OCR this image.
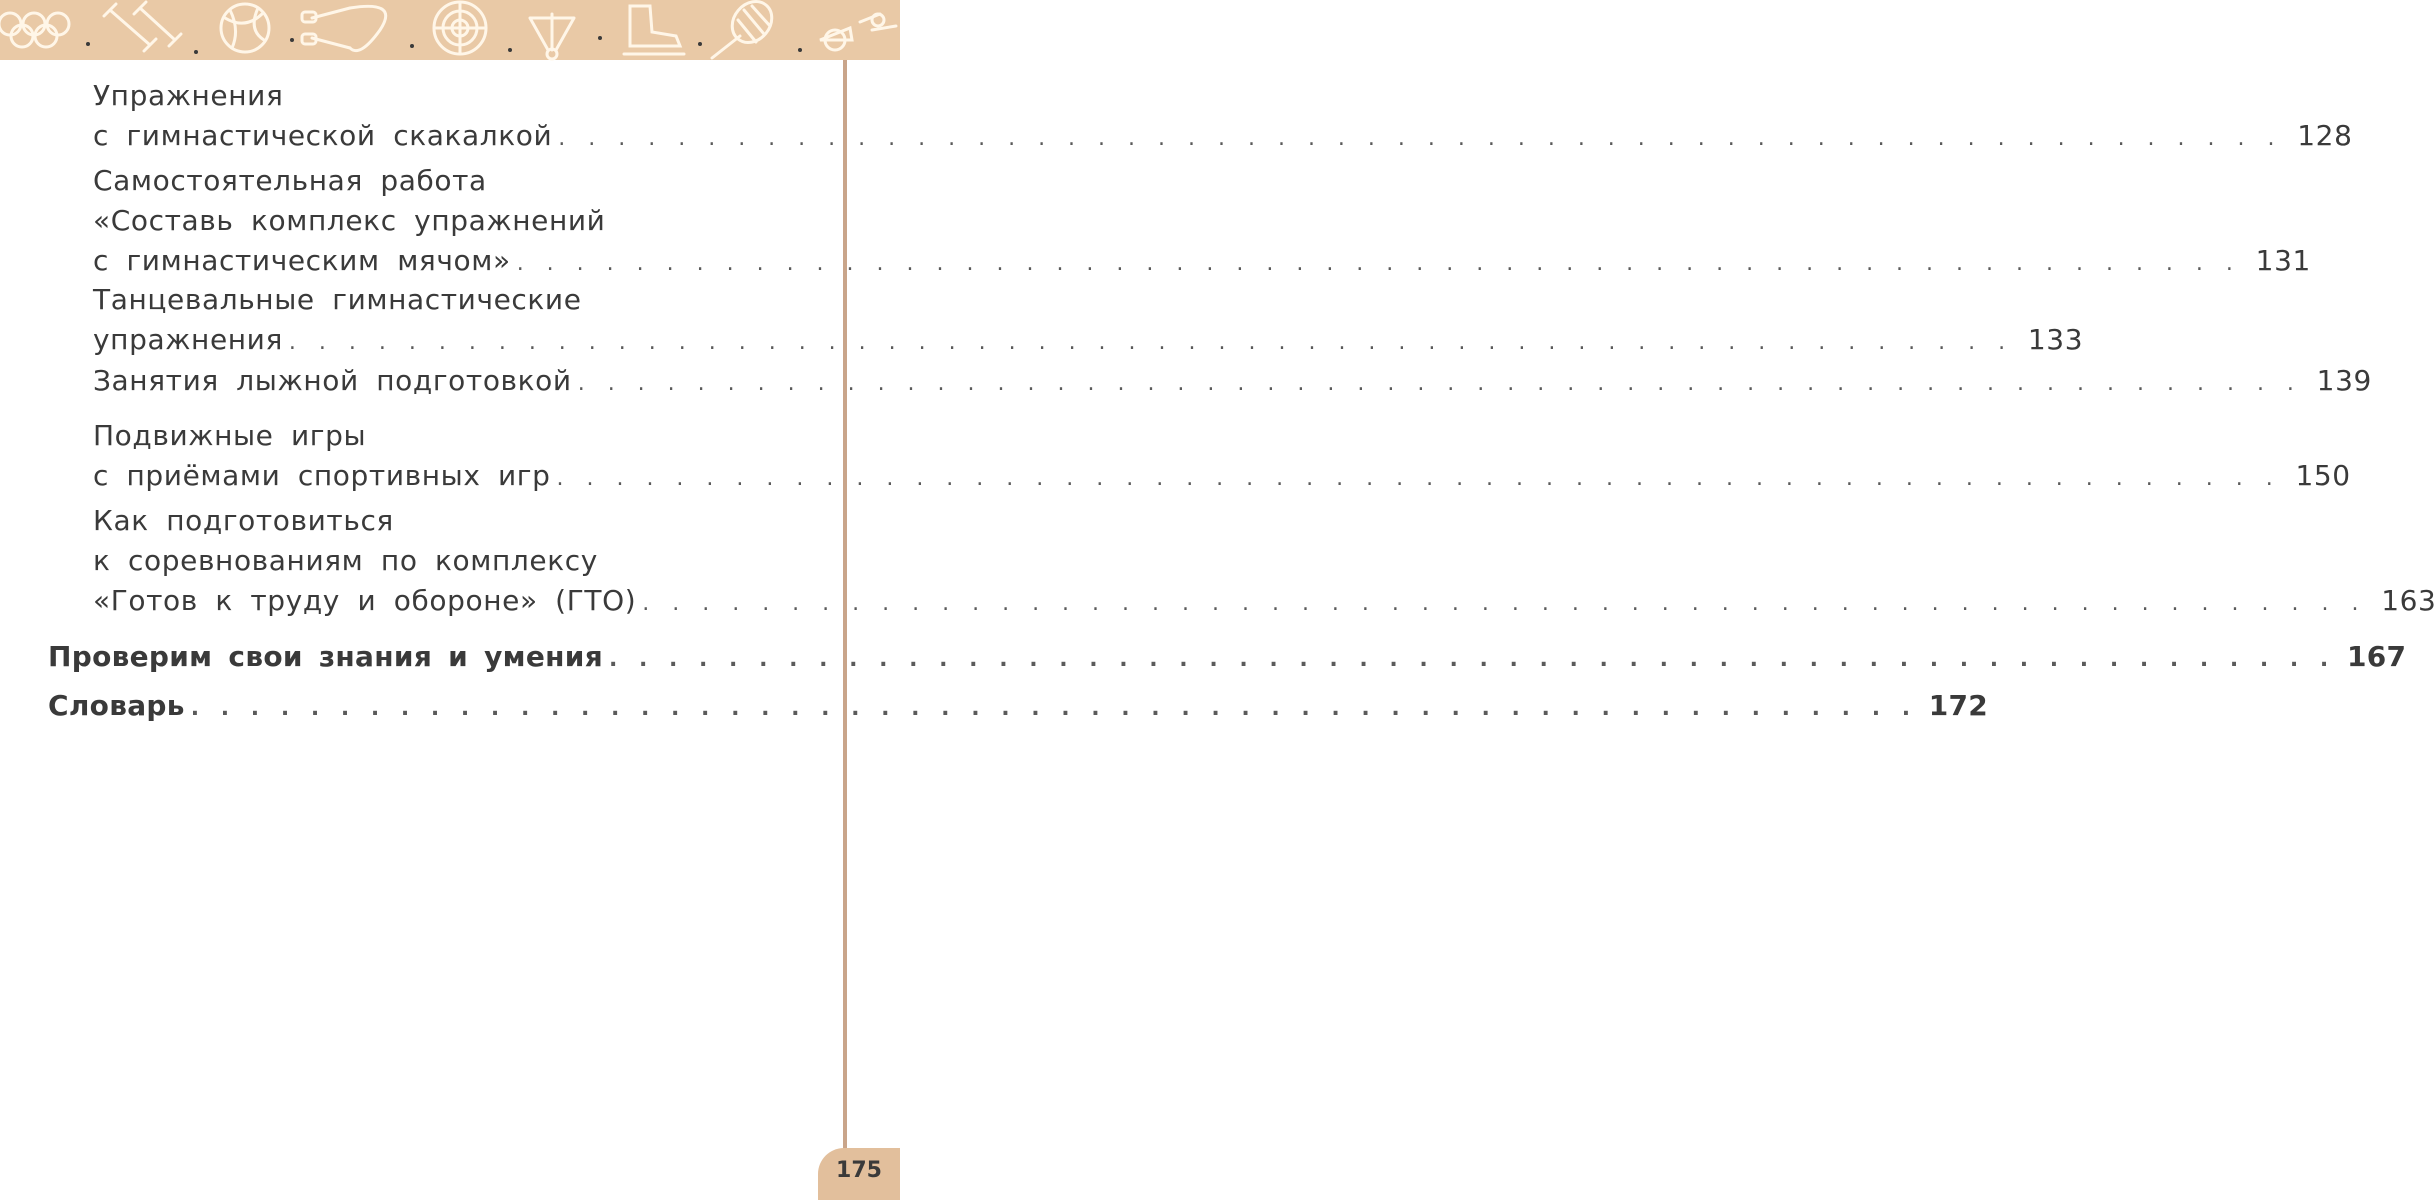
Упражнения
с гимнастической скакалкой . . . . . . . . . . . . . . . . . . . . . . . . . . . . . . . . . . . . . . . . . . . . . . . . . . . . . . . . . . 128
Самостоятельная работа
«Составь комплекс упражнений
с гимнастическим мячом» . . . . . . . . . . . . . . . . . . . . . . . . . . . . . . . . . . . . . . . . . . . . . . . . . . . . . . . . . . 131
Танцевальные гимнастические
упражнения . . . . . . . . . . . . . . . . . . . . . . . . . . . . . . . . . . . . . . . . . . . . . . . . . . . . . . . . . . 133
Занятия лыжной подготовкой . . . . . . . . . . . . . . . . . . . . . . . . . . . . . . . . . . . . . . . . . . . . . . . . . . . . . . . . . . 139
Подвижные игры
с приёмами спортивных игр . . . . . . . . . . . . . . . . . . . . . . . . . . . . . . . . . . . . . . . . . . . . . . . . . . . . . . . . . . 150
Как подготовиться
к соревнованиям по комплексу
«Готов к труду и обороне» (ГТО) . . . . . . . . . . . . . . . . . . . . . . . . . . . . . . . . . . . . . . . . . . . . . . . . . . . . . . . . . . 163
Проверим свои знания и умения . . . . . . . . . . . . . . . . . . . . . . . . . . . . . . . . . . . . . . . . . . . . . . . . . . . . . . . . . . 167
Словарь . . . . . . . . . . . . . . . . . . . . . . . . . . . . . . . . . . . . . . . . . . . . . . . . . . . . . . . . . . 172
175
